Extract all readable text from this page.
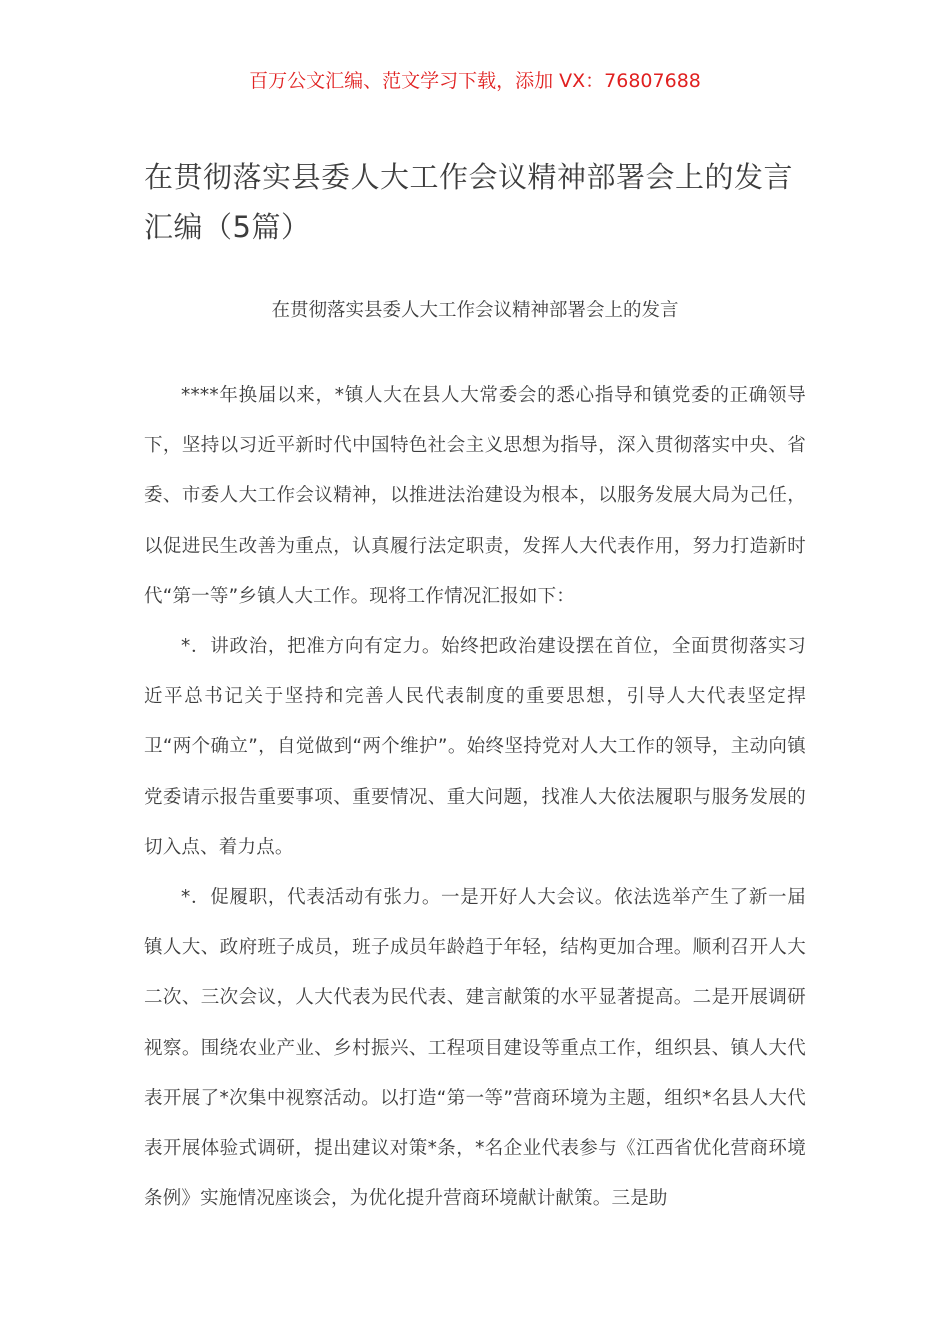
百万公文汇编、范文学习下载，添加 VX：76807688
在贯彻落实县委人大工作会议精神部署会上的发言汇编（5篇）
在贯彻落实县委人大工作会议精神部署会上的发言

****年换届以来，*镇人大在县人大常委会的悉心指导和镇党委的正确领导下，坚持以习近平新时代中国特色社会主义思想为指导，深入贯彻落实中央、省委、市委人大工作会议精神，以推进法治建设为根本，以服务发展大局为己任，以促进民生改善为重点，认真履行法定职责，发挥人大代表作用，努力打造新时代“第一等”乡镇人大工作。现将工作情况汇报如下：

*．讲政治，把准方向有定力。始终把政治建设摆在首位，全面贯彻落实习近平总书记关于坚持和完善人民代表制度的重要思想，引导人大代表坚定捍卫“两个确立”，自觉做到“两个维护”。始终坚持党对人大工作的领导，主动向镇党委请示报告重要事项、重要情况、重大问题，找准人大依法履职与服务发展的切入点、着力点。

*．促履职，代表活动有张力。一是开好人大会议。依法选举产生了新一届镇人大、政府班子成员，班子成员年龄趋于年轻，结构更加合理。顺利召开人大二次、三次会议，人大代表为民代表、建言献策的水平显著提高。二是开展调研视察。围绕农业产业、乡村振兴、工程项目建设等重点工作，组织县、镇人大代表开展了*次集中视察活动。以打造“第一等”营商环境为主题，组织*名县人大代表开展体验式调研，提出建议对策*条，*名企业代表参与《江西省优化营商环境条例》实施情况座谈会，为优化提升营商环境献计献策。三是助
